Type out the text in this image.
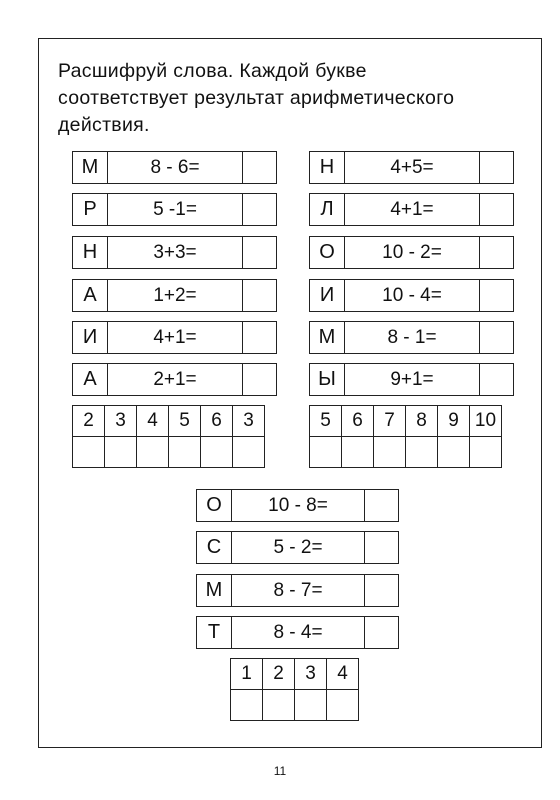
Расшифруй слова. Каждой букве
соответствует результат арифметического
действия.
М	8 - 6=
Р	5 -1=
Н	3+3=
А	1+2=
И	4+1=
А	2+1=
2	3	4	5	6	3

Н	4+5=
Л	4+1=
О	10 - 2=
И	10 - 4=
М	8 - 1=
Ы	9+1=
5	6	7	8	9	10

О	10 - 8=
С	5 - 2=
М	8 - 7=
Т	8 - 4=
1	2	3	4

11
